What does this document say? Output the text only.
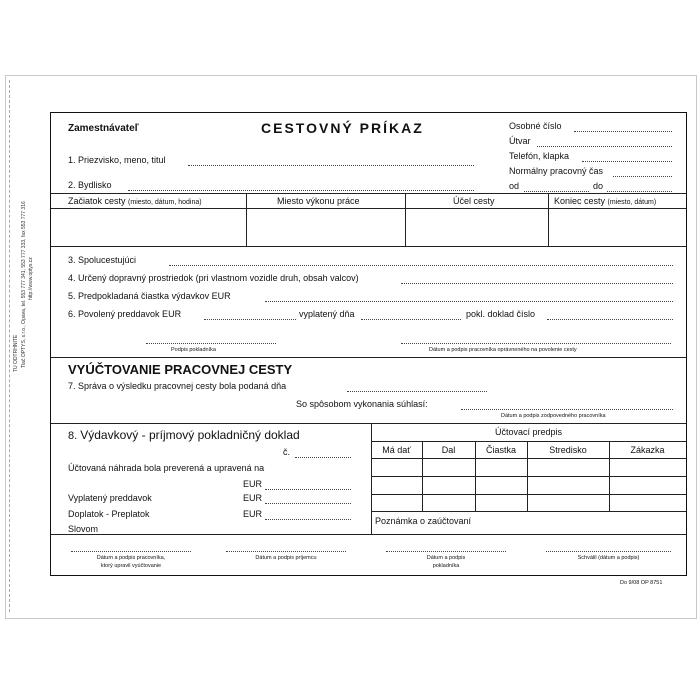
TU ODTRHNITE Tlač OPTYS, s.r.o., Opava, tel. 553 777 341, 553 777 333, fax 553 777 316 http://www.optys.cz
Zamestnávateľ	CESTOVNÝ PRÍKAZ	Osobné číslo
Útvar
Telefón, klapka
Normálny pracovný čas
od	do
1. Priezvisko, meno, titul
2. Bydlisko
Začiatok cesty (miesto, dátum, hodina)	Miesto výkonu práce	Účel cesty	Koniec cesty (miesto, dátum)
3. Spolucestujúci
4. Určený dopravný prostriedok (pri vlastnom vozidle druh, obsah valcov)
5. Predpokladaná čiastka výdavkov EUR
6. Povolený preddavok EUR	vyplatený dňa	pokl. doklad číslo
Podpis pokladníka	Dátum a podpis pracovníka oprávneného na povolenie cesty
VYÚČTOVANIE PRACOVNEJ CESTY
7. Správa o výsledku pracovnej cesty bola podaná dňa
So spôsobom vykonania súhlasí:
Dátum a podpis zodpovedného pracovníka
8. Výdavkový - príjmový pokladničný doklad
č.
Účtovaná náhrada bola preverená a upravená na
EUR
Vyplatený preddavok	EUR
Doplatok - Preplatok	EUR
Slovom
Účtovací predpis
Má dať	Dal	Čiastka	Stredisko	Zákazka
Poznámka o zaúčtovaní
Dátum a podpis pracovníka,
ktorý upravil vyúčtovanie
Dátum a podpis príjemcu	Dátum a podpis
pokladníka
Schválil (dátum a podpis)
Do 9/08 OP 8751
